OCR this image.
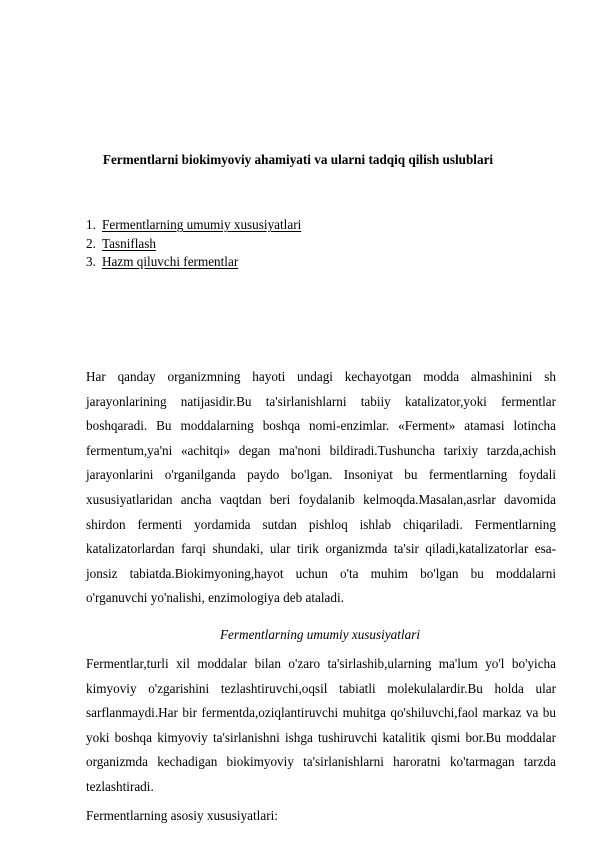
Fermentlarni biokimyoviy ahamiyati va ularni tadqiq qilish uslublari
1. Fermentlarning umumiy xususiyatlari
2. Tasniflash
3. Hazm qiluvchi fermentlar

Har qanday organizmning hayoti undagi kechayotgan modda almashinini sh jarayonlarining natijasidir.Bu ta'sirlanishlarni tabiiy katalizator,yoki fermentlar boshqaradi. Bu moddalarning boshqa nomi-enzimlar. «Ferment» atamasi lotincha fermentum,ya'ni «achitqi» degan ma'noni bildiradi.Tushuncha tarixiy tarzda,achish jarayonlarini o'rganilganda paydo bo'lgan. Insoniyat bu fermentlarning foydali xususiyatlaridan ancha vaqtdan beri foydalanib kelmoqda.Masalan,asrlar davomida shirdon fermenti yordamida sutdan pishloq ishlab chiqariladi. Fermentlarning katalizatorlardan farqi shundaki, ular tirik organizmda ta'sir qiladi,katalizatorlar esa-jonsiz tabiatda.Biokimyoning,hayot uchun o'ta muhim bo'lgan bu moddalarni o'rganuvchi yo'nalishi, enzimologiya deb ataladi.

Fermentlarning umumiy xususiyatlari

Fermentlar,turli xil moddalar bilan o'zaro ta'sirlashib,ularning ma'lum yo'l bo'yicha kimyoviy o'zgarishini tezlashtiruvchi,oqsil tabiatli molekulalardir.Bu holda ular sarflanmaydi.Har bir fermentda,oziqlantiruvchi muhitga qo'shiluvchi,faol markaz va bu yoki boshqa kimyoviy ta'sirlanishni ishga tushiruvchi katalitik qismi bor.Bu moddalar organizmda kechadigan biokimyoviy ta'sirlanishlarni haroratni ko'tarmagan tarzda tezlashtiradi.

Fermentlarning asosiy xususiyatlari:
